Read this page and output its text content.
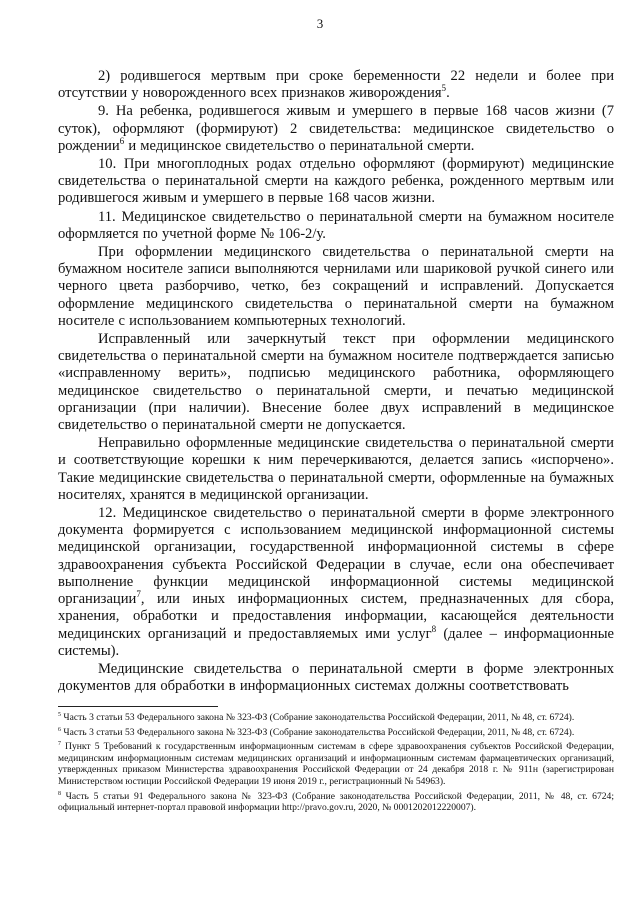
3

2) родившегося мертвым при сроке беременности 22 недели и более при отсутствии у новорожденного всех признаков живорождения$^5$.

9. На ребенка, родившегося живым и умершего в первые 168 часов жизни (7 суток), оформляют (формируют) 2 свидетельства: медицинское свидетельство о рождении$^6$ и медицинское свидетельство о перинатальной смерти.

10. При многоплодных родах отдельно оформляют (формируют) медицинские свидетельства о перинатальной смерти на каждого ребенка, рожденного мертвым или родившегося живым и умершего в первые 168 часов жизни.

11. Медицинское свидетельство о перинатальной смерти на бумажном носителе оформляется по учетной форме № 106-2/у.

При оформлении медицинского свидетельства о перинатальной смерти на бумажном носителе записи выполняются чернилами или шариковой ручкой синего или черного цвета разборчиво, четко, без сокращений и исправлений. Допускается оформление медицинского свидетельства о перинатальной смерти на бумажном носителе с использованием компьютерных технологий.

Исправленный или зачеркнутый текст при оформлении медицинского свидетельства о перинатальной смерти на бумажном носителе подтверждается записью «исправленному верить», подписью медицинского работника, оформляющего медицинское свидетельство о перинатальной смерти, и печатью медицинской организации (при наличии). Внесение более двух исправлений в медицинское свидетельство о перинатальной смерти не допускается.

Неправильно оформленные медицинские свидетельства о перинатальной смерти и соответствующие корешки к ним перечеркиваются, делается запись «испорчено». Такие медицинские свидетельства о перинатальной смерти, оформленные на бумажных носителях, хранятся в медицинской организации.

12. Медицинское свидетельство о перинатальной смерти в форме электронного документа формируется с использованием медицинской информационной системы медицинской организации, государственной информационной системы в сфере здравоохранения субъекта Российской Федерации в случае, если она обеспечивает выполнение функции медицинской информационной системы медицинской организации$^7$, или иных информационных систем, предназначенных для сбора, хранения, обработки и предоставления информации, касающейся деятельности медицинских организаций и предоставляемых ими услуг$^8$ (далее – информационные системы).

Медицинские свидетельства о перинатальной смерти в форме электронных документов для обработки в информационных системах должны соответствовать

$^5$ Часть 3 статьи 53 Федерального закона № 323-ФЗ (Собрание законодательства Российской Федерации, 2011, № 48, ст. 6724).

$^6$ Часть 3 статьи 53 Федерального закона № 323-ФЗ (Собрание законодательства Российской Федерации, 2011, № 48, ст. 6724).

$^7$ Пункт 5 Требований к государственным информационным системам в сфере здравоохранения субъектов Российской Федерации, медицинским информационным системам медицинских организаций и информационным системам фармацевтических организаций, утвержденных приказом Министерства здравоохранения Российской Федерации от 24 декабря 2018 г. № 911н (зарегистрирован Министерством юстиции Российской Федерации 19 июня 2019 г., регистрационный № 54963).

$^8$ Часть 5 статьи 91 Федерального закона № 323-ФЗ (Собрание законодательства Российской Федерации, 2011, № 48, ст. 6724; официальный интернет-портал правовой информации http://pravo.gov.ru, 2020, № 0001202012220007).
